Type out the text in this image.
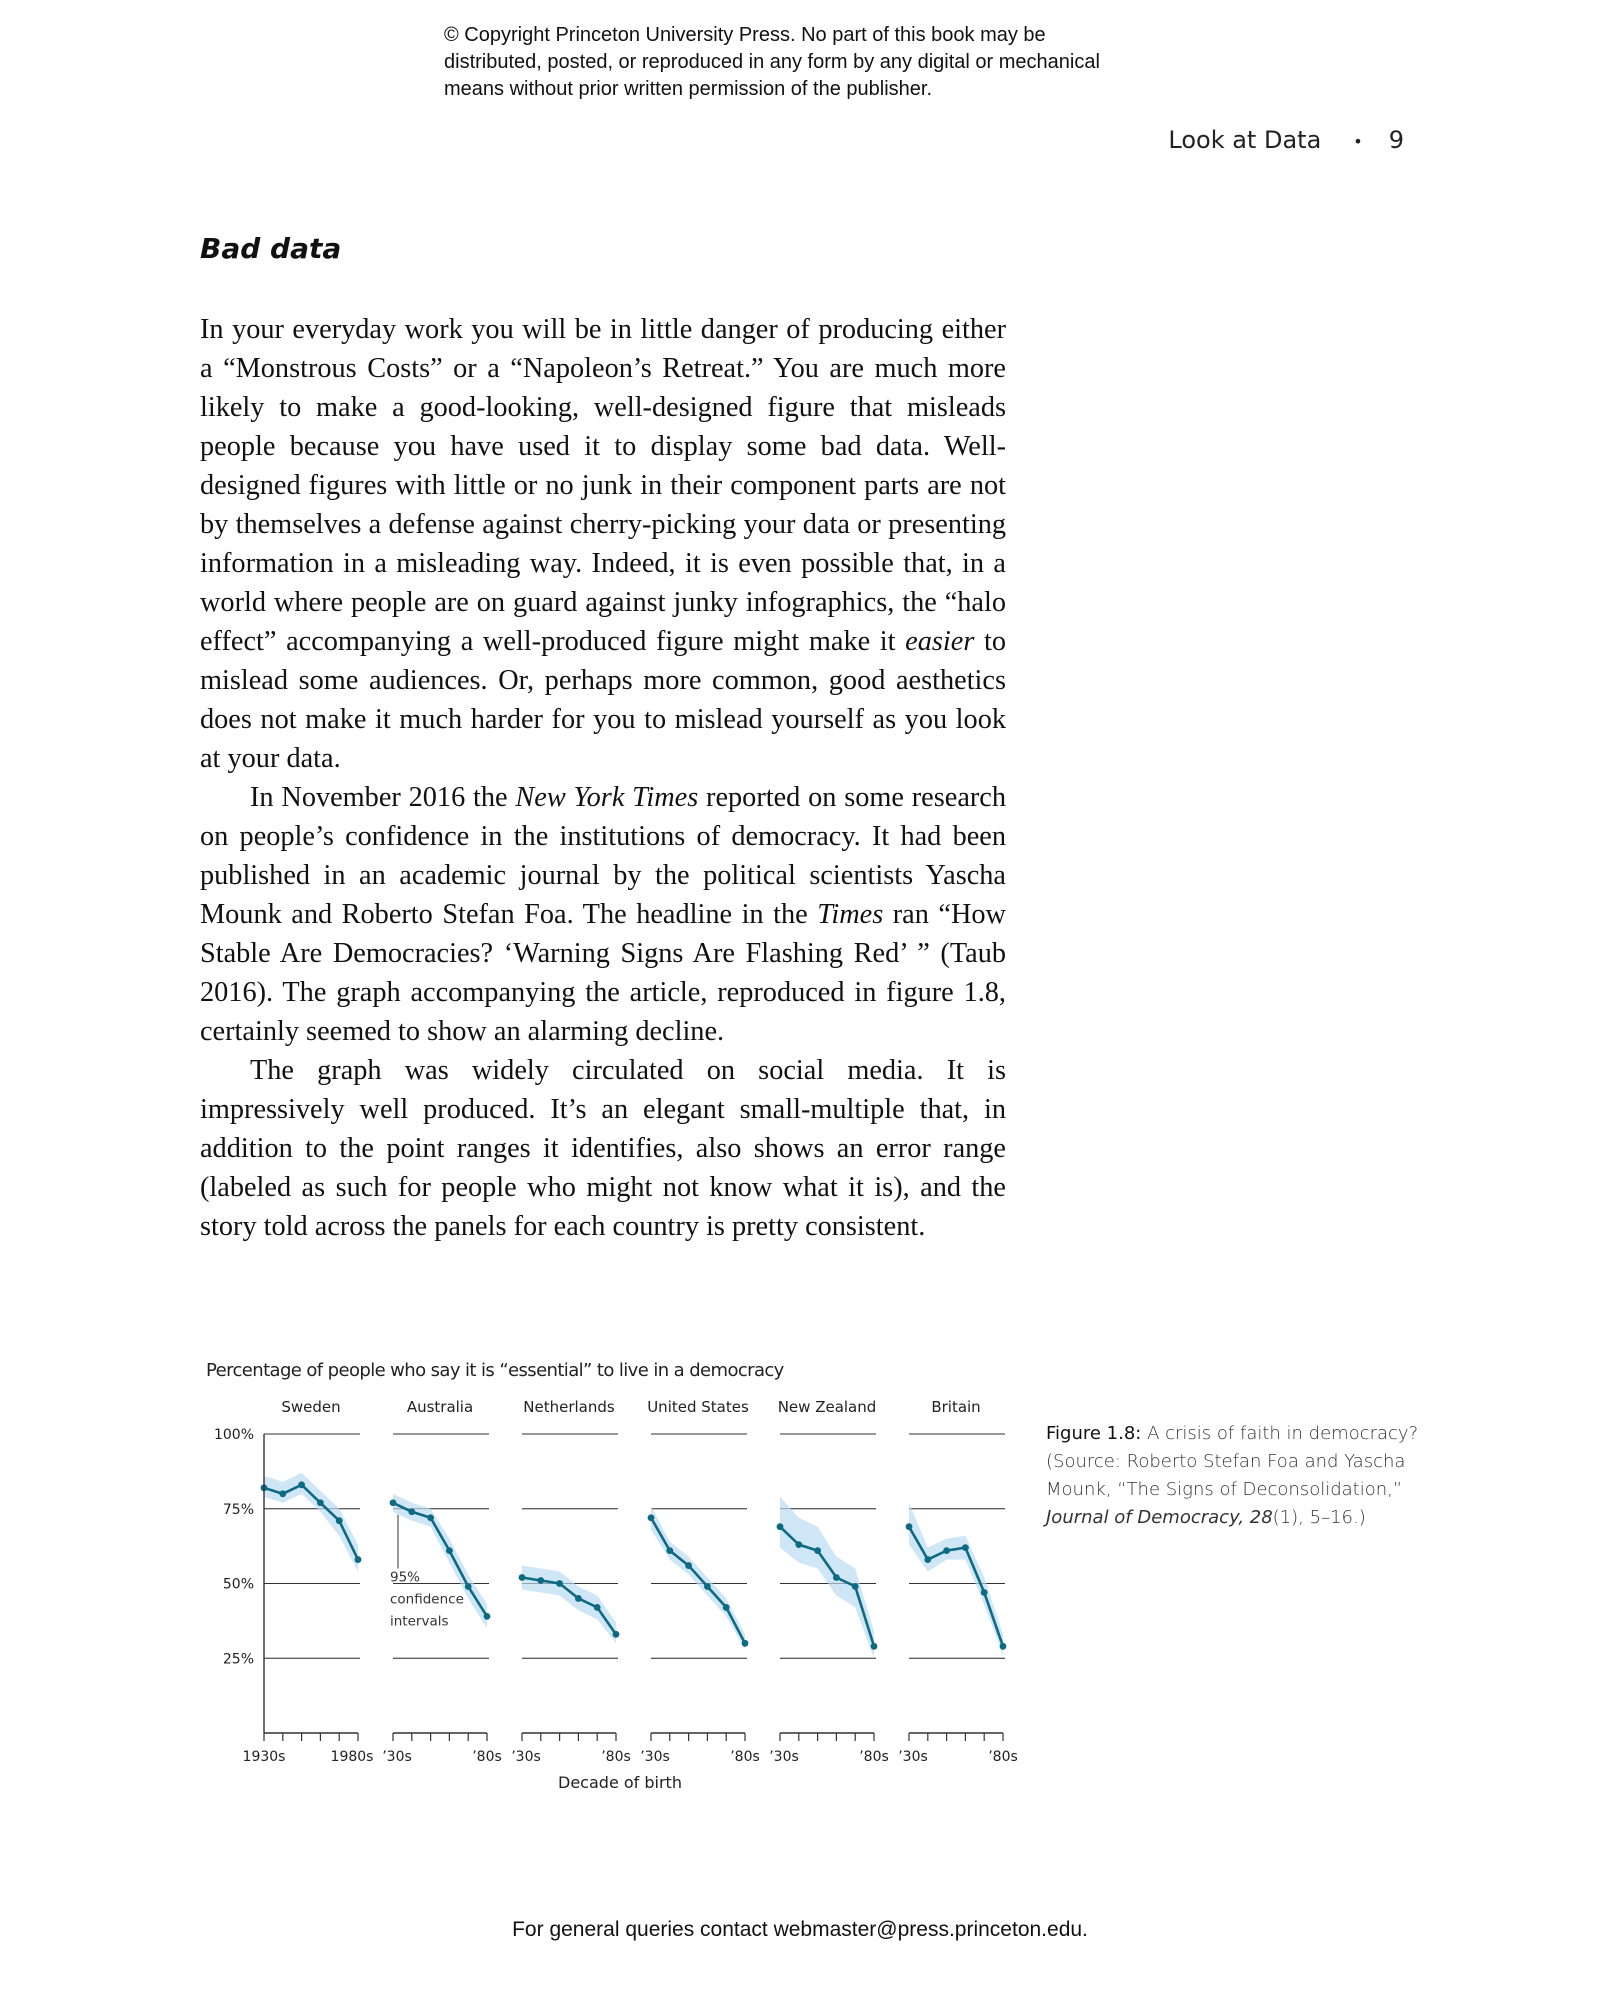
© Copyright Princeton University Press. No part of this book may be
distributed, posted, or reproduced in any form by any digital or mechanical
means without prior written permission of the publisher.
Look at Data • 9
Bad data

In your everyday work you will be in little danger of producing either a “Monstrous Costs” or a “Napoleon’s Retreat.” You are much more likely to make a good-looking, well-designed figure that misleads people because you have used it to display some bad data. Well-designed figures with little or no junk in their component parts are not by themselves a defense against cherry-picking your data or presenting information in a misleading way. Indeed, it is even possible that, in a world where people are on guard against junky infographics, the “halo effect” accompanying a well-produced figure might make it easier to mislead some audiences. Or, perhaps more common, good aesthetics does not make it much harder for you to mislead yourself as you look at your data.

In November 2016 the New York Times reported on some research on people’s confidence in the institutions of democracy. It had been published in an academic journal by the political scientists Yascha Mounk and Roberto Stefan Foa. The headline in the Times ran “How Stable Are Democracies? ‘Warning Signs Are Flashing Red’ ” (Taub 2016). The graph accompanying the article, reproduced in figure 1.8, certainly seemed to show an alarming decline.

The graph was widely circulated on social media. It is impressively well produced. It’s an elegant small-multiple that, in addition to the point ranges it identifies, also shows an error range (labeled as such for people who might not know what it is), and the story told across the panels for each country is pretty consistent.

Percentage of people who say it is “essential” to live in a democracy
25%
50%
75%
100%
Sweden
1930s	1980s
Australia
’30s	’80s
Netherlands
’30s	’80s
United States
’30s	’80s
New Zealand
’30s	’80s
Britain
’30s	’80s
95% confidence intervals
Decade of birth
Figure 1.8: A crisis of faith in democracy? (Source: Roberto Stefan Foa and Yascha Mounk, “The Signs of Deconsolidation,” Journal of Democracy, 28(1), 5–16.)
For general queries contact webmaster@press.princeton.edu.
